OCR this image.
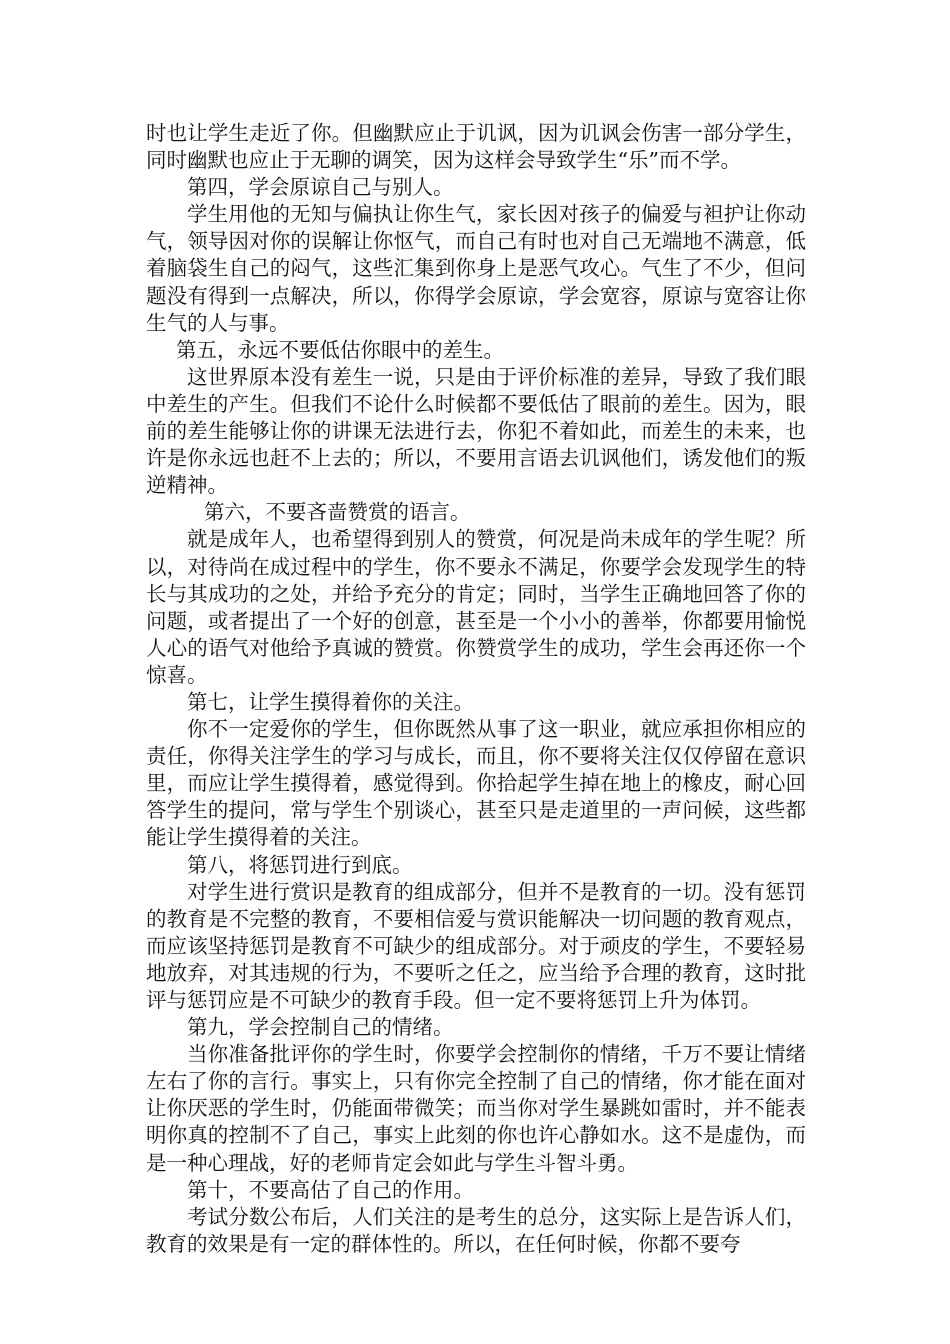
时也让学生走近了你。但幽默应止于讥讽，因为讥讽会伤害一部分学生，同时幽默也应止于无聊的调笑，因为这样会导致学生“乐”而不学。

第四，学会原谅自己与别人。

学生用他的无知与偏执让你生气，家长因对孩子的偏爱与袒护让你动气，领导因对你的误解让你怄气，而自己有时也对自己无端地不满意，低着脑袋生自己的闷气，这些汇集到你身上是恶气攻心。气生了不少，但问题没有得到一点解决，所以，你得学会原谅，学会宽容，原谅与宽容让你生气的人与事。

第五，永远不要低估你眼中的差生。

这世界原本没有差生一说，只是由于评价标准的差异，导致了我们眼中差生的产生。但我们不论什么时候都不要低估了眼前的差生。因为，眼前的差生能够让你的讲课无法进行去，你犯不着如此，而差生的未来，也许是你永远也赶不上去的；所以，不要用言语去讥讽他们，诱发他们的叛逆精神。

第六，不要吝啬赞赏的语言。

就是成年人，也希望得到别人的赞赏，何况是尚未成年的学生呢？所以，对待尚在成过程中的学生，你不要永不满足，你要学会发现学生的特长与其成功的之处，并给予充分的肯定；同时，当学生正确地回答了你的问题，或者提出了一个好的创意，甚至是一个小小的善举，你都要用愉悦人心的语气对他给予真诚的赞赏。你赞赏学生的成功，学生会再还你一个惊喜。

第七，让学生摸得着你的关注。

你不一定爱你的学生，但你既然从事了这一职业，就应承担你相应的责任，你得关注学生的学习与成长，而且，你不要将关注仅仅停留在意识里，而应让学生摸得着，感觉得到。你拾起学生掉在地上的橡皮，耐心回答学生的提问，常与学生个别谈心，甚至只是走道里的一声问候，这些都能让学生摸得着的关注。

第八，将惩罚进行到底。

对学生进行赏识是教育的组成部分，但并不是教育的一切。没有惩罚的教育是不完整的教育，不要相信爱与赏识能解决一切问题的教育观点，而应该坚持惩罚是教育不可缺少的组成部分。对于顽皮的学生，不要轻易地放弃，对其违规的行为，不要听之任之，应当给予合理的教育，这时批评与惩罚应是不可缺少的教育手段。但一定不要将惩罚上升为体罚。

第九，学会控制自己的情绪。

当你准备批评你的学生时，你要学会控制你的情绪，千万不要让情绪左右了你的言行。事实上，只有你完全控制了自己的情绪，你才能在面对让你厌恶的学生时，仍能面带微笑；而当你对学生暴跳如雷时，并不能表明你真的控制不了自己，事实上此刻的你也许心静如水。这不是虚伪，而是一种心理战，好的老师肯定会如此与学生斗智斗勇。

第十，不要高估了自己的作用。

考试分数公布后，人们关注的是考生的总分，这实际上是告诉人们，教育的效果是有一定的群体性的。所以，在任何时候，你都不要夸
